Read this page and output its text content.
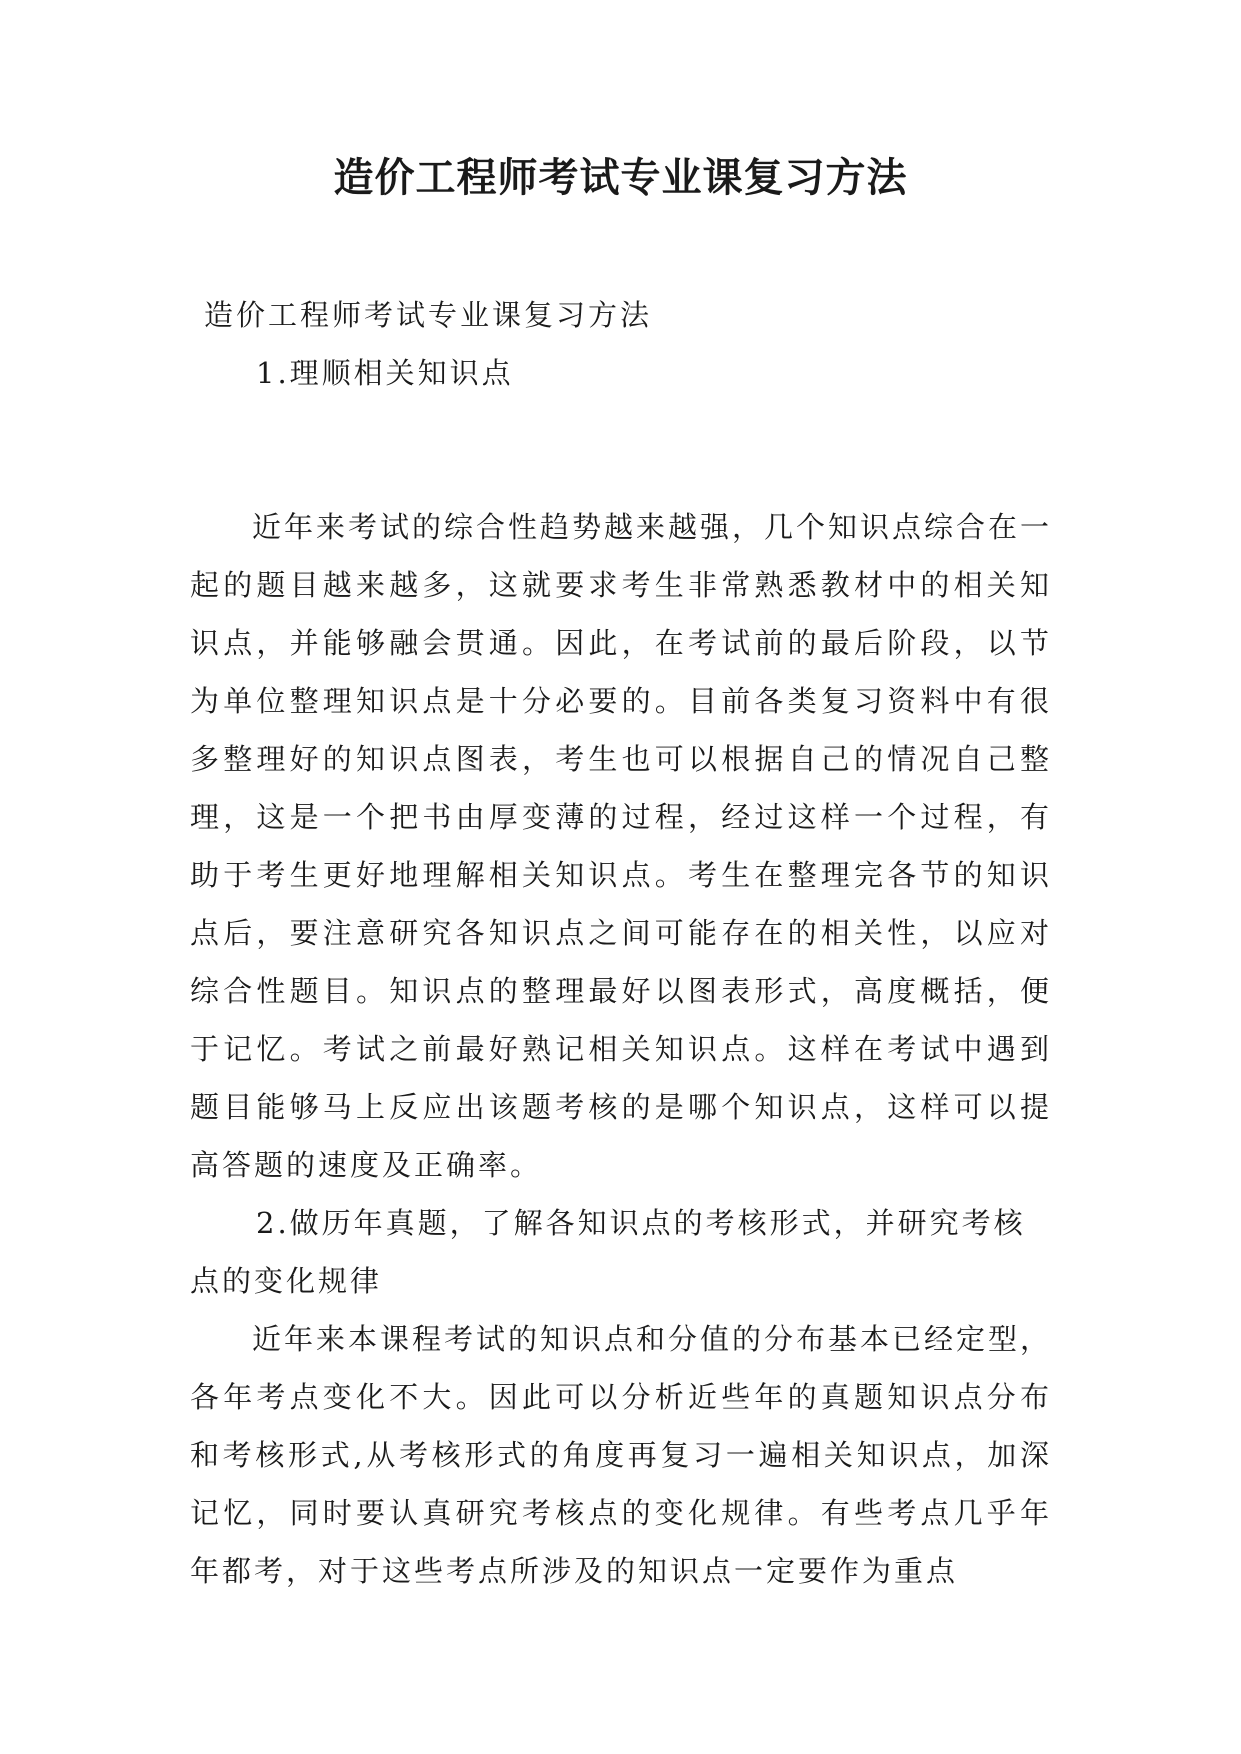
造价工程师考试专业课复习方法

造价工程师考试专业课复习方法

1.理顺相关知识点

近年来考试的综合性趋势越来越强，几个知识点综合在一起的题目越来越多，这就要求考生非常熟悉教材中的相关知识点，并能够融会贯通。因此，在考试前的最后阶段，以节为单位整理知识点是十分必要的。目前各类复习资料中有很多整理好的知识点图表，考生也可以根据自己的情况自己整理，这是一个把书由厚变薄的过程，经过这样一个过程，有助于考生更好地理解相关知识点。考生在整理完各节的知识点后，要注意研究各知识点之间可能存在的相关性，以应对综合性题目。知识点的整理最好以图表形式，高度概括，便于记忆。考试之前最好熟记相关知识点。这样在考试中遇到题目能够马上反应出该题考核的是哪个知识点，这样可以提高答题的速度及正确率。

2.做历年真题，了解各知识点的考核形式，并研究考核点的变化规律

近年来本课程考试的知识点和分值的分布基本已经定型，各年考点变化不大。因此可以分析近些年的真题知识点分布和考核形式,从考核形式的角度再复习一遍相关知识点，加深记忆，同时要认真研究考核点的变化规律。有些考点几乎年年都考，对于这些考点所涉及的知识点一定要作为重点
